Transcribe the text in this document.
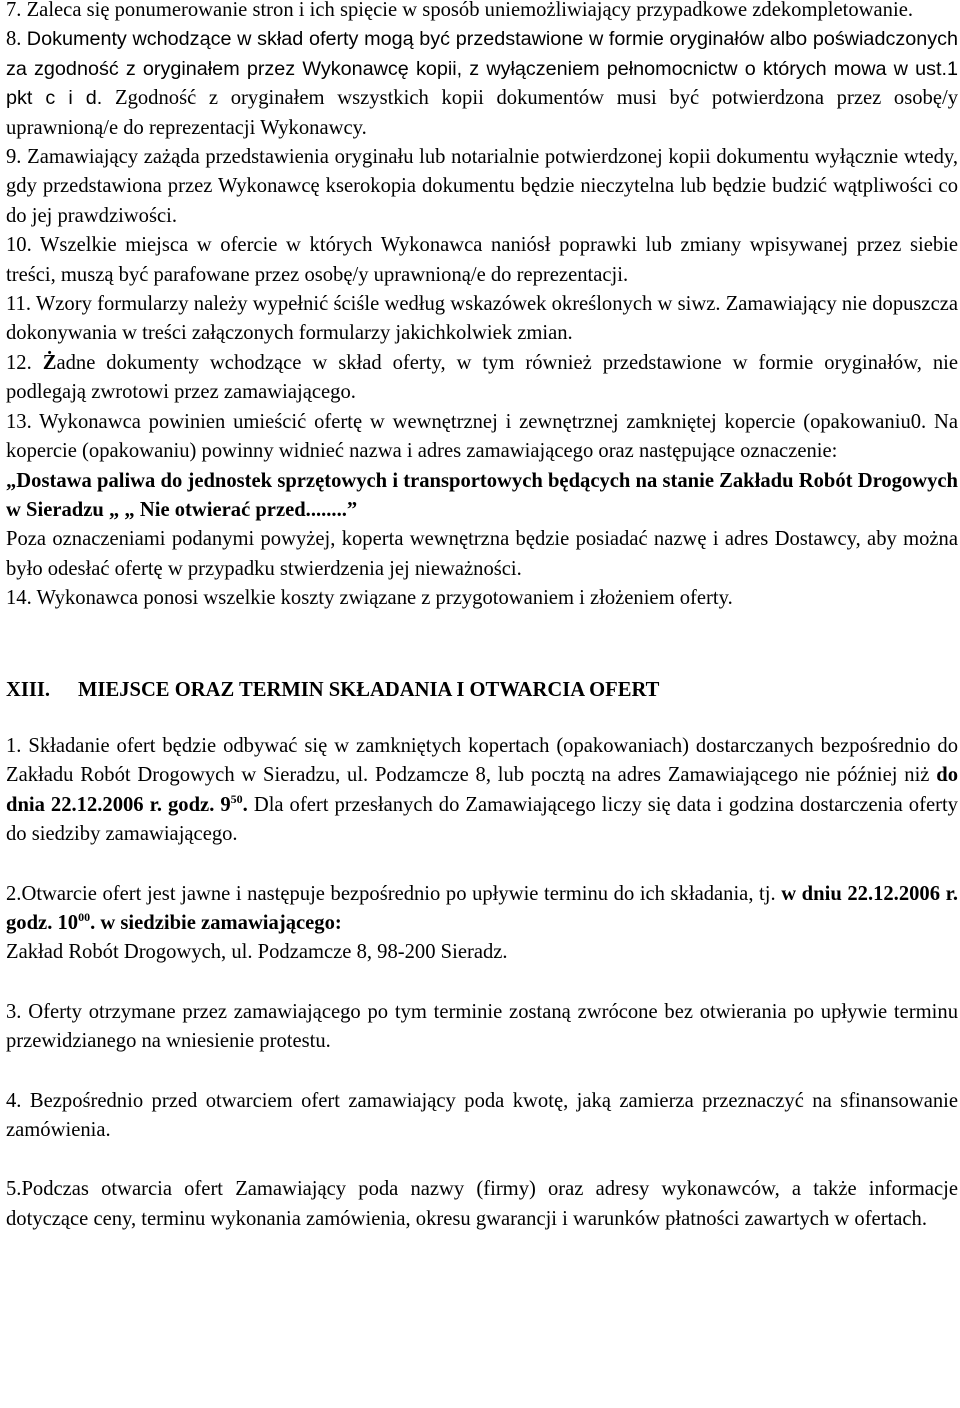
7. Zaleca się ponumerowanie stron i ich spięcie w sposób uniemożliwiający przypadkowe zdekompletowanie.

8. Dokumenty wchodzące w skład oferty mogą być przedstawione w formie oryginałów albo poświadczonych za zgodność z oryginałem przez Wykonawcę kopii, z wyłączeniem pełnomocnictw o których mowa w ust.1 pkt c i d. Zgodność z oryginałem wszystkich kopii dokumentów musi być potwierdzona przez osobę/y uprawnioną/e do reprezentacji Wykonawcy.

9. Zamawiający zażąda przedstawienia oryginału lub notarialnie potwierdzonej kopii dokumentu wyłącznie wtedy, gdy przedstawiona przez Wykonawcę kserokopia dokumentu będzie nieczytelna lub będzie budzić wątpliwości co do jej prawdziwości.

10. Wszelkie miejsca w ofercie w których Wykonawca naniósł poprawki lub zmiany wpisywanej przez siebie treści, muszą być parafowane przez osobę/y uprawnioną/e do reprezentacji.

11. Wzory formularzy należy wypełnić ściśle według wskazówek określonych w siwz. Zamawiający nie dopuszcza dokonywania w treści załączonych formularzy jakichkolwiek zmian.

12. Żadne dokumenty wchodzące w skład oferty, w tym również przedstawione w formie oryginałów, nie podlegają zwrotowi przez zamawiającego.

13. Wykonawca powinien umieścić ofertę w wewnętrznej i zewnętrznej zamkniętej kopercie (opakowaniu0. Na kopercie (opakowaniu) powinny widnieć nazwa i adres zamawiającego oraz następujące oznaczenie:

„Dostawa paliwa do jednostek sprzętowych i transportowych będących na stanie Zakładu Robót Drogowych w Sieradzu „ „ Nie otwierać przed........”

Poza oznaczeniami podanymi powyżej, koperta wewnętrzna będzie posiadać nazwę i adres Dostawcy, aby można było odesłać ofertę w przypadku stwierdzenia jej nieważności.

14. Wykonawca ponosi wszelkie koszty związane z przygotowaniem i złożeniem oferty.

XIII. MIEJSCE ORAZ TERMIN SKŁADANIA I OTWARCIA OFERT

1. Składanie ofert będzie odbywać się w zamkniętych kopertach (opakowaniach) dostarczanych bezpośrednio do Zakładu Robót Drogowych w Sieradzu, ul. Podzamcze 8, lub pocztą na adres Zamawiającego nie później niż do dnia 22.12.2006 r. godz. $9^{50}$. Dla ofert przesłanych do Zamawiającego liczy się data i godzina dostarczenia oferty do siedziby zamawiającego.

2.Otwarcie ofert jest jawne i następuje bezpośrednio po upływie terminu do ich składania, tj. w dniu 22.12.2006 r. godz. $10^{00}$. w siedzibie zamawiającego:

Zakład Robót Drogowych, ul. Podzamcze 8, 98-200 Sieradz.

3. Oferty otrzymane przez zamawiającego po tym terminie zostaną zwrócone bez otwierania po upływie terminu przewidzianego na wniesienie protestu.

4. Bezpośrednio przed otwarciem ofert zamawiający poda kwotę, jaką zamierza przeznaczyć na sfinansowanie zamówienia.

5.Podczas otwarcia ofert Zamawiający poda nazwy (firmy) oraz adresy wykonawców, a także informacje dotyczące ceny, terminu wykonania zamówienia, okresu gwarancji i warunków płatności zawartych w ofertach.
